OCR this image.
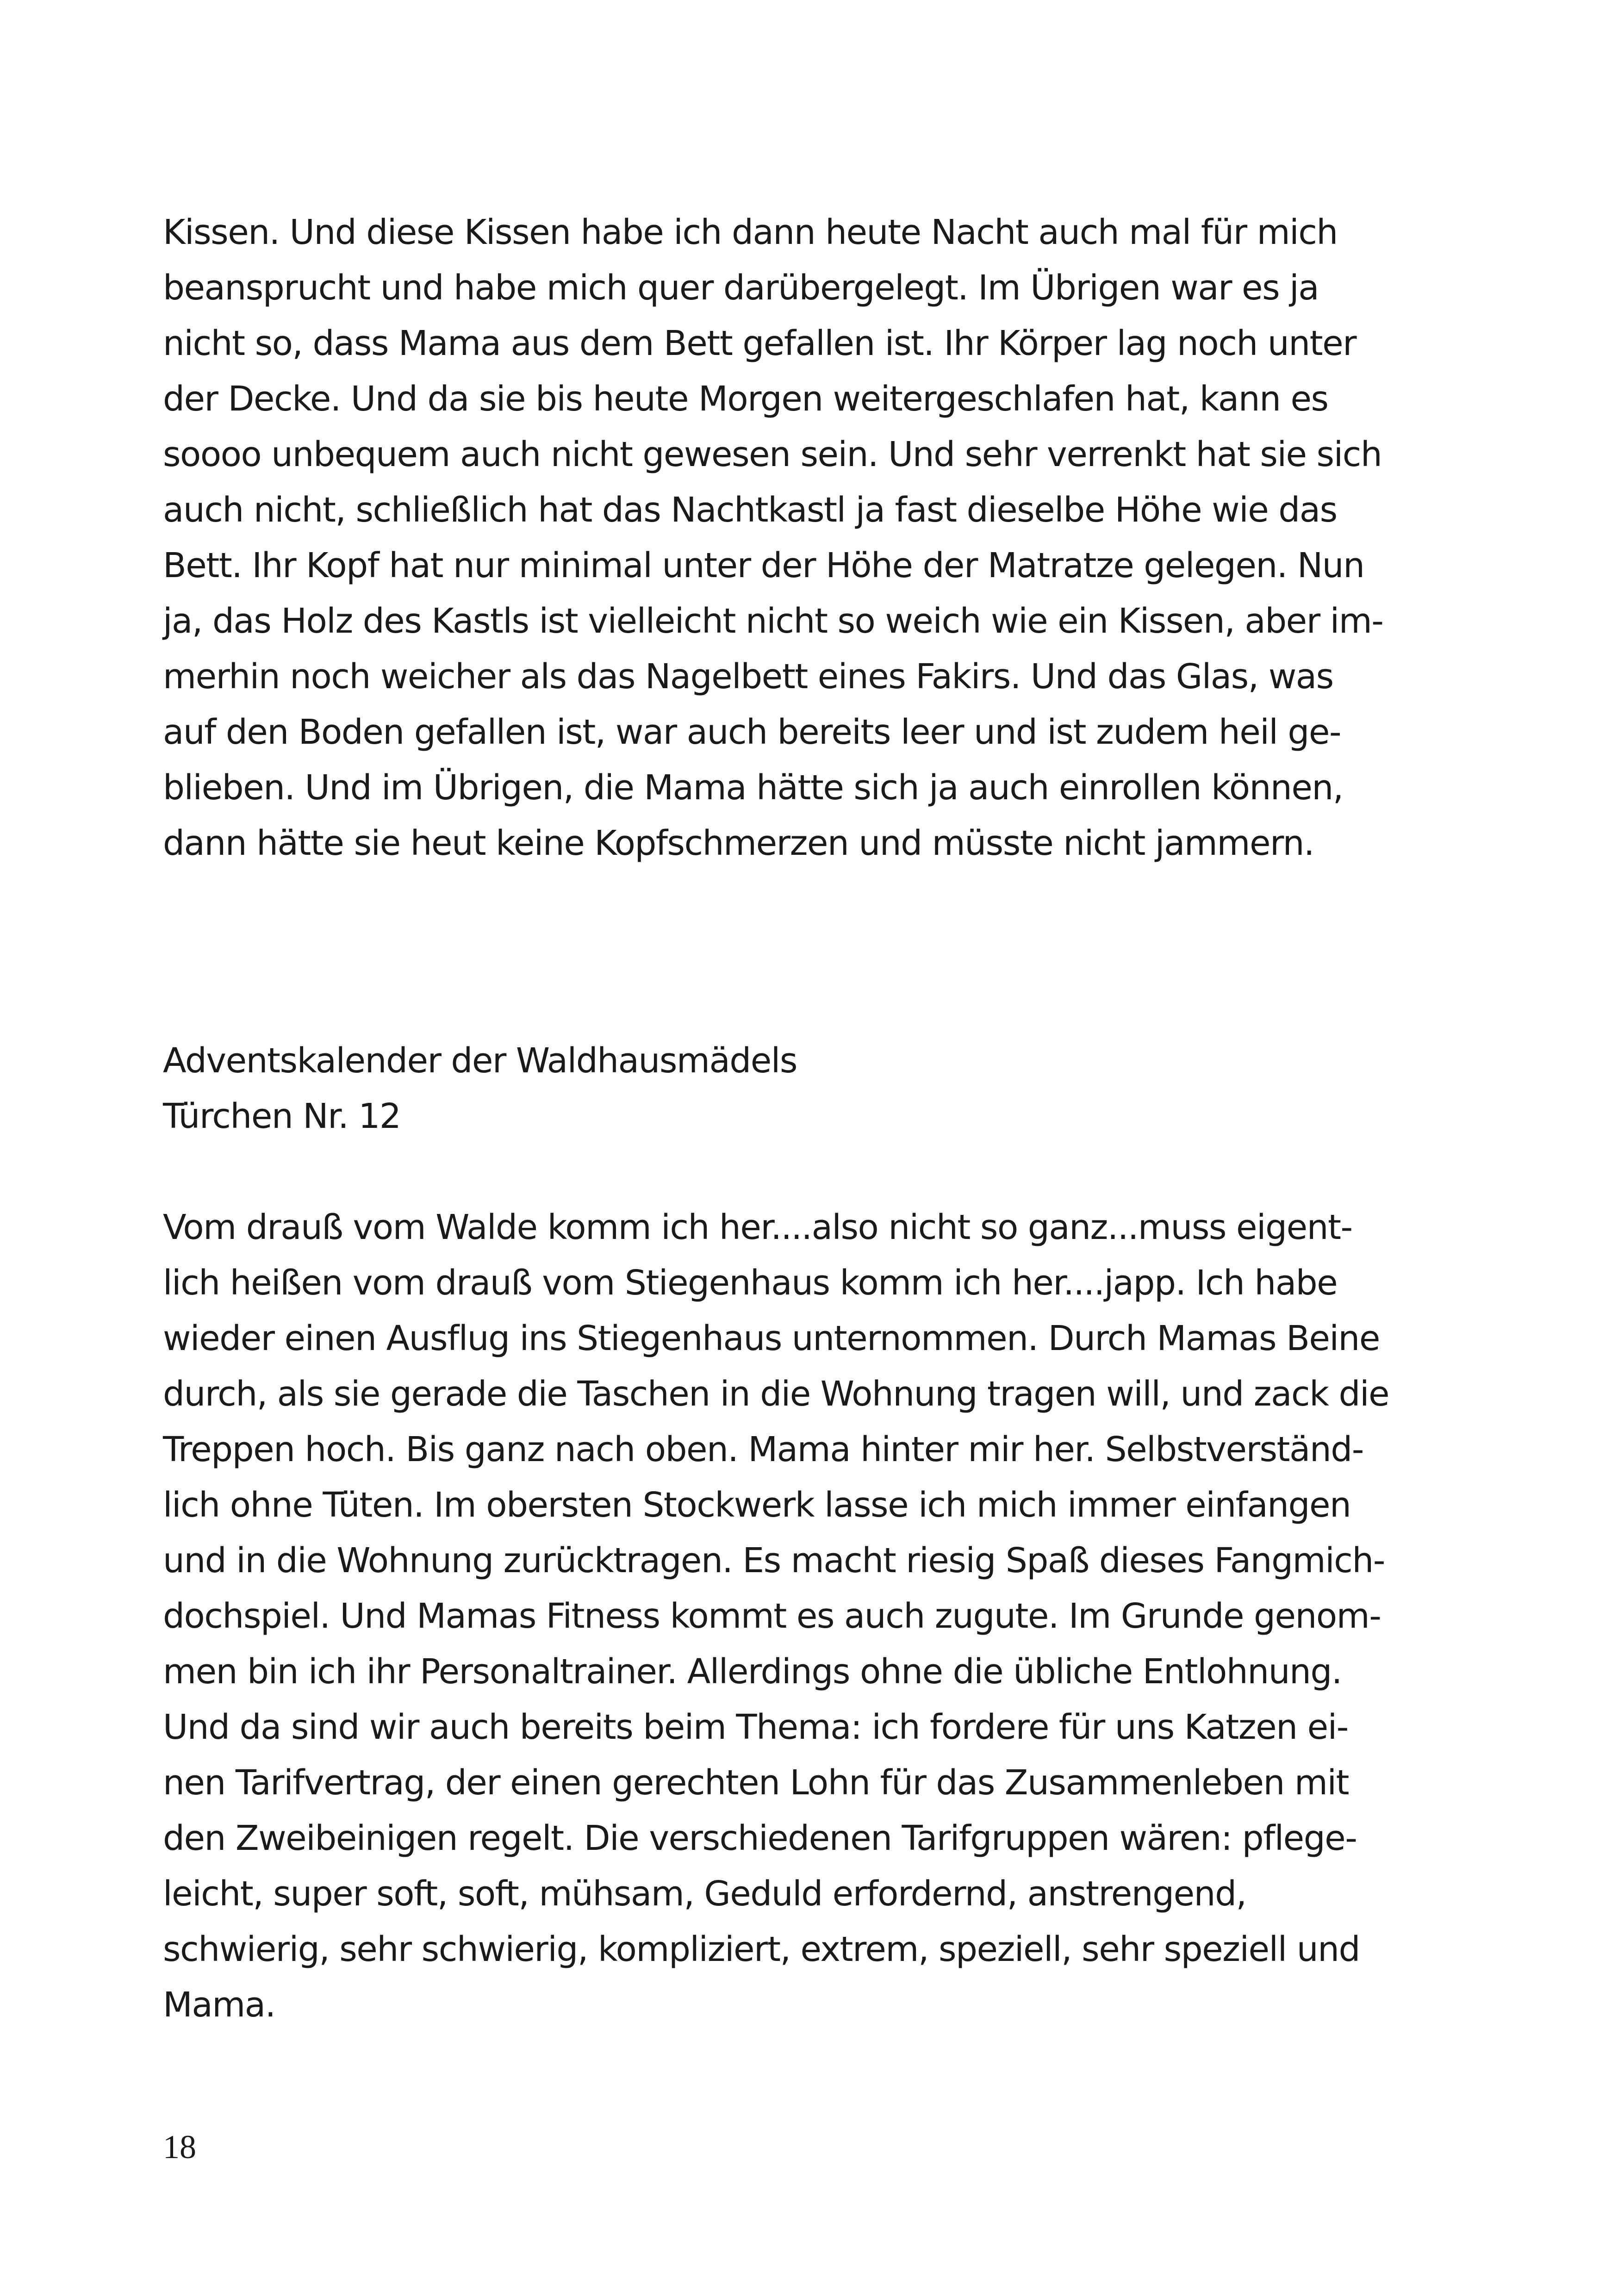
Kissen. Und diese Kissen habe ich dann heute Nacht auch mal für mich
beansprucht und habe mich quer darübergelegt. Im Übrigen war es ja
nicht so, dass Mama aus dem Bett gefallen ist. Ihr Körper lag noch unter
der Decke. Und da sie bis heute Morgen weitergeschlafen hat, kann es
soooo unbequem auch nicht gewesen sein. Und sehr verrenkt hat sie sich
auch nicht, schließlich hat das Nachtkastl ja fast dieselbe Höhe wie das
Bett. Ihr Kopf hat nur minimal unter der Höhe der Matratze gelegen. Nun
ja, das Holz des Kastls ist vielleicht nicht so weich wie ein Kissen, aber im-
merhin noch weicher als das Nagelbett eines Fakirs. Und das Glas, was
auf den Boden gefallen ist, war auch bereits leer und ist zudem heil ge-
blieben. Und im Übrigen, die Mama hätte sich ja auch einrollen können,
dann hätte sie heut keine Kopfschmerzen und müsste nicht jammern.
Adventskalender der Waldhausmädels
Türchen Nr. 12
Vom drauß vom Walde komm ich her....also nicht so ganz...muss eigent-
lich heißen vom drauß vom Stiegenhaus komm ich her....japp. Ich habe
wieder einen Ausflug ins Stiegenhaus unternommen. Durch Mamas Beine
durch, als sie gerade die Taschen in die Wohnung tragen will, und zack die
Treppen hoch. Bis ganz nach oben. Mama hinter mir her. Selbstverständ-
lich ohne Tüten. Im obersten Stockwerk lasse ich mich immer einfangen
und in die Wohnung zurücktragen. Es macht riesig Spaß dieses Fangmich-
dochspiel. Und Mamas Fitness kommt es auch zugute. Im Grunde genom-
men bin ich ihr Personaltrainer. Allerdings ohne die übliche Entlohnung.
Und da sind wir auch bereits beim Thema: ich fordere für uns Katzen ei-
nen Tarifvertrag, der einen gerechten Lohn für das Zusammenleben mit
den Zweibeinigen regelt. Die verschiedenen Tarifgruppen wären: pflege-
leicht, super soft, soft, mühsam, Geduld erfordernd, anstrengend,
schwierig, sehr schwierig, kompliziert, extrem, speziell, sehr speziell und
Mama.
18
